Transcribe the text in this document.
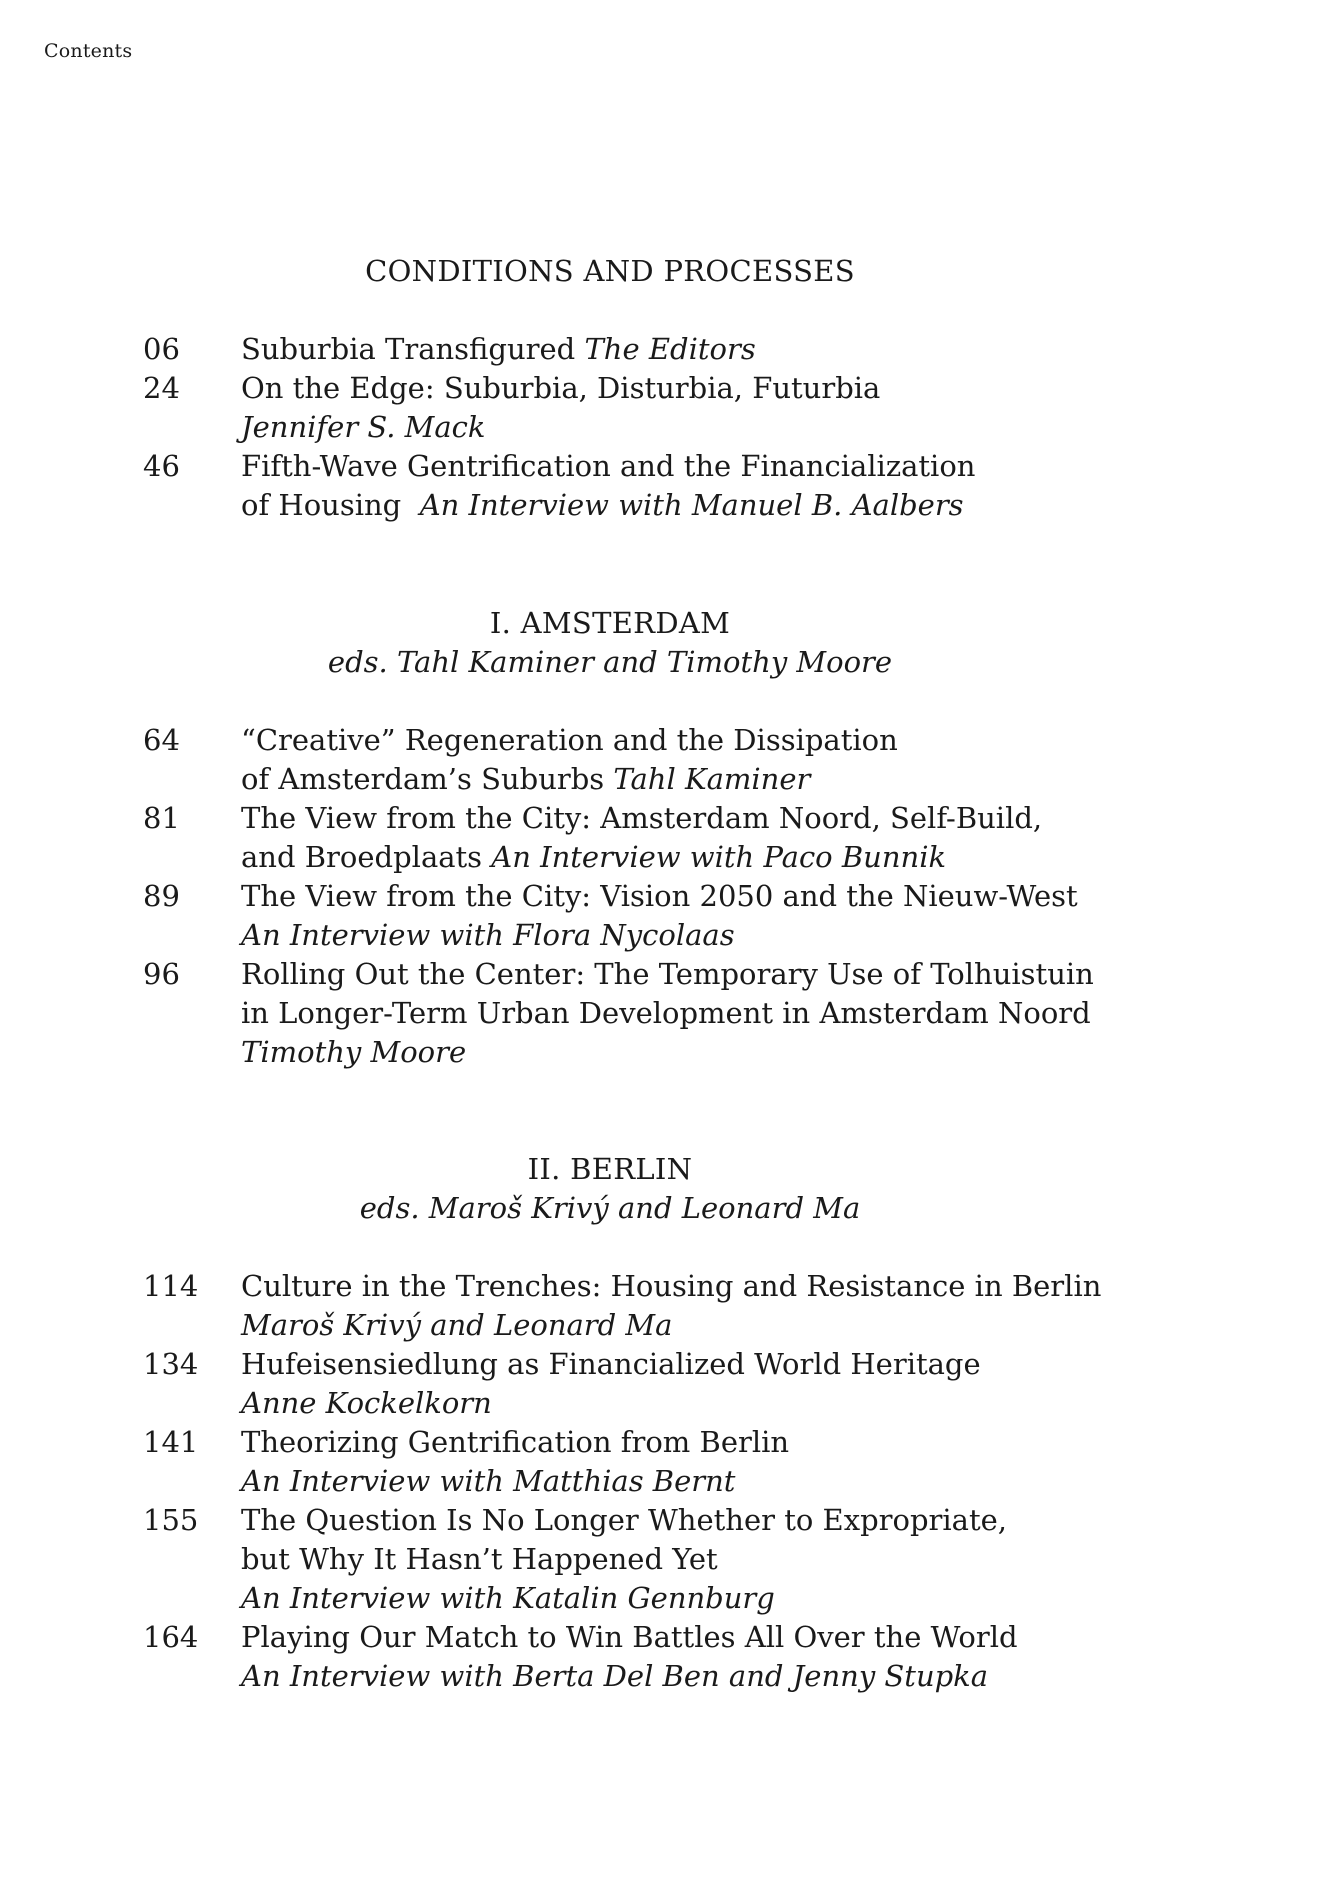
Contents
CONDITIONS AND PROCESSES
06 Suburbia Transfigured The Editors
24 On the Edge: Suburbia, Disturbia, Futurbia
Jennifer S. Mack
46 Fifth-Wave Gentrification and the Financialization
of Housing  An Interview with Manuel B. Aalbers
I. AMSTERDAM
eds. Tahl Kaminer and Timothy Moore
64 “Creative” Regeneration and the Dissipation
of Amsterdam’s Suburbs Tahl Kaminer
81 The View from the City: Amsterdam Noord, Self-Build,
and Broedplaats An Interview with Paco Bunnik
89 The View from the City: Vision 2050 and the Nieuw-West
An Interview with Flora Nycolaas
96 Rolling Out the Center: The Temporary Use of Tolhuistuin
in Longer-Term Urban Development in Amsterdam Noord
Timothy Moore
II. BERLIN
eds. Maroš Krivý and Leonard Ma
114 Culture in the Trenches: Housing and Resistance in Berlin
Maroš Krivý and Leonard Ma
134 Hufeisensiedlung as Financialized World Heritage
Anne Kockelkorn
141 Theorizing Gentrification from Berlin
An Interview with Matthias Bernt
155 The Question Is No Longer Whether to Expropriate,
but Why It Hasn’t Happened Yet
An Interview with Katalin Gennburg
164 Playing Our Match to Win Battles All Over the World
An Interview with Berta Del Ben and Jenny Stupka
